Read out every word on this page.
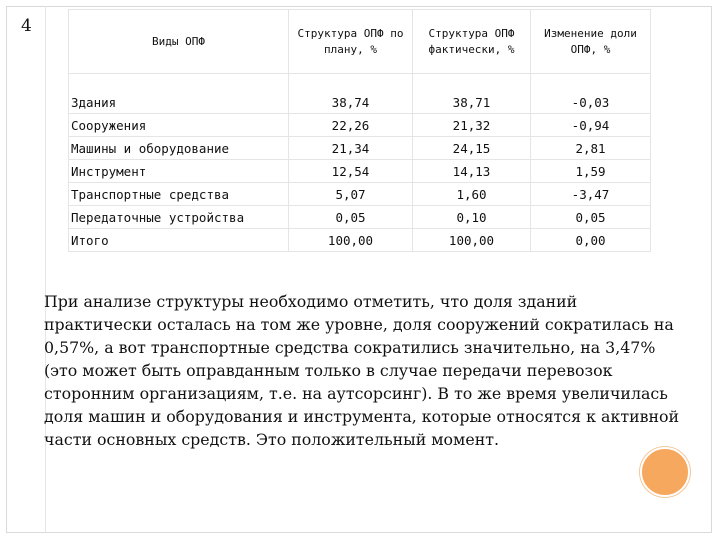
4
Виды ОПФ	Структура ОПФ по плану, %	Структура ОПФ фактически, %	Изменение доли ОПФ, %
Здания	38,74	38,71	-0,03
Сооружения	22,26	21,32	-0,94
Машины и оборудование	21,34	24,15	2,81
Инструмент	12,54	14,13	1,59
Транспортные средства	5,07	1,60	-3,47
Передаточные устройства	0,05	0,10	0,05
Итого	100,00	100,00	0,00
При анализе структуры необходимо отметить, что доля зданий практически осталась на том же уровне, доля сооружений сократилась на 0,57%, а вот транспортные средства сократились значительно, на 3,47% (это может быть оправданным только в случае передачи перевозок сторонним организациям, т.е. на аутсорсинг). В то же время увеличилась доля машин и оборудования и инструмента, которые относятся к активной части основных средств. Это положительный момент.
